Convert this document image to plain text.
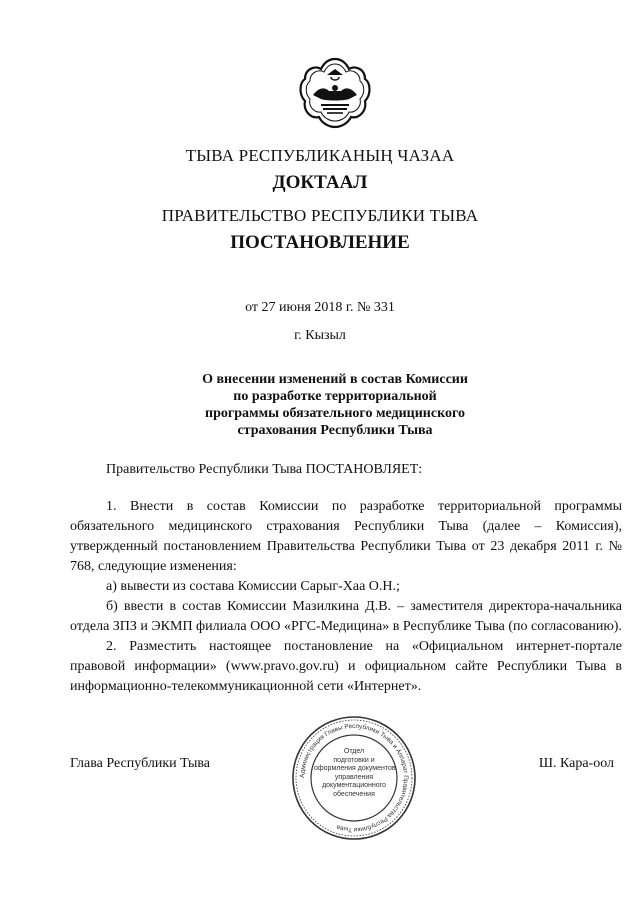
ТЫВА РЕСПУБЛИКАНЫҢ ЧАЗАА
ДОКТААЛ
ПРАВИТЕЛЬСТВО РЕСПУБЛИКИ ТЫВА
ПОСТАНОВЛЕНИЕ
от 27 июня 2018 г. № 331
г. Кызыл
О внесении изменений в состав Комиссии
по разработке территориальной
программы обязательного медицинского
страхования Республики Тыва
Правительство Республики Тыва ПОСТАНОВЛЯЕТ:

1. Внести в состав Комиссии по разработке территориальной программы обязательного медицинского страхования Республики Тыва (далее – Комиссия), утвержденный постановлением Правительства Республики Тыва от 23 декабря 2011 г. № 768, следующие изменения:

а) вывести из состава Комиссии Сарыг-Хаа О.Н.;

б) ввести в состав Комиссии Мазилкина Д.В. – заместителя директора-начальника отдела ЗПЗ и ЭКМП филиала ООО «РГС-Медицина» в Республике Тыва (по согласованию).

2. Разместить настоящее постановление на «Официальном интернет-портале правовой информации» (www.pravo.gov.ru) и официальном сайте Республики Тыва в информационно-телекоммуникационной сети «Интернет».

Глава Республики Тыва
Администрация Главы Республики Тыва и Аппарат Правительства Республики Тыва
Отдел
подготовки и
оформления документов
управления
документационного
обеспечения
Ш. Кара-оол
